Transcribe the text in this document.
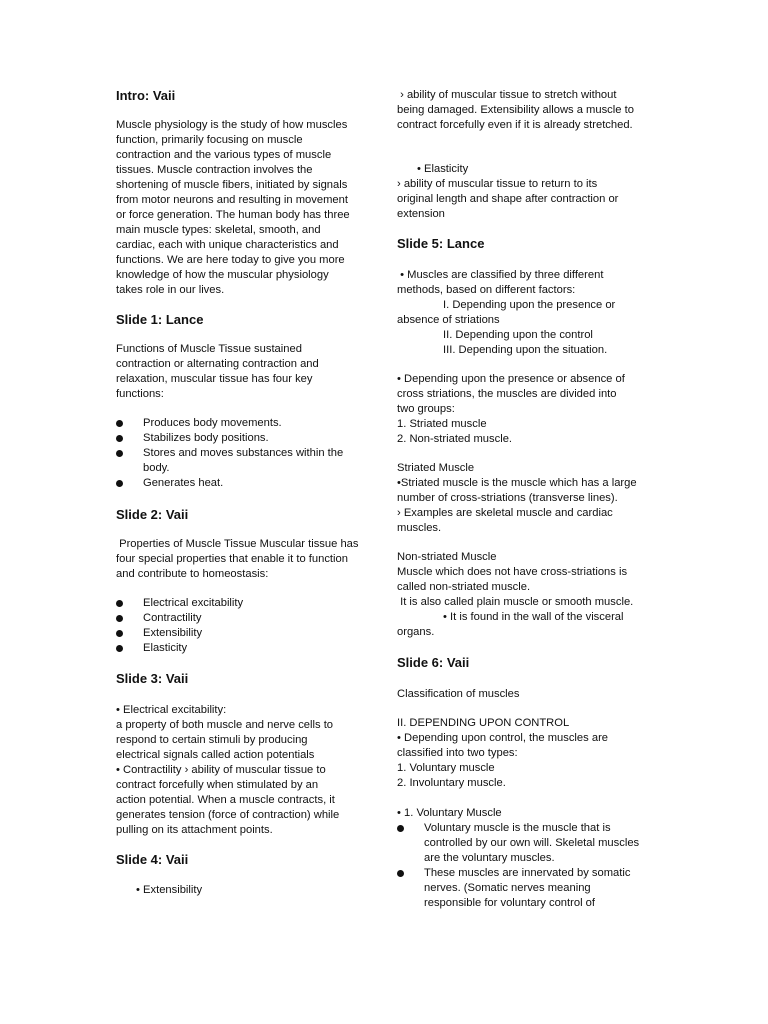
Intro: Vaii
Muscle physiology is the study of how muscles
function, primarily focusing on muscle
contraction and the various types of muscle
tissues. Muscle contraction involves the
shortening of muscle fibers, initiated by signals
from motor neurons and resulting in movement
or force generation. The human body has three
main muscle types: skeletal, smooth, and
cardiac, each with unique characteristics and
functions. We are here today to give you more
knowledge of how the muscular physiology
takes role in our lives.
Slide 1: Lance
Functions of Muscle Tissue sustained
contraction or alternating contraction and
relaxation, muscular tissue has four key
functions:
Produces body movements.
Stabilizes body positions.
Stores and moves substances within the body.
Generates heat.
Slide 2: Vaii
Properties of Muscle Tissue Muscular tissue has
four special properties that enable it to function
and contribute to homeostasis:
Electrical excitability
Contractility
Extensibility
Elasticity
Slide 3: Vaii
• Electrical excitability:
a property of both muscle and nerve cells to
respond to certain stimuli by producing
electrical signals called action potentials
• Contractility › ability of muscular tissue to
contract forcefully when stimulated by an
action potential. When a muscle contracts, it
generates tension (force of contraction) while
pulling on its attachment points.
Slide 4: Vaii
• Extensibility
› ability of muscular tissue to stretch without
being damaged. Extensibility allows a muscle to
contract forcefully even if it is already stretched.
• Elasticity
› ability of muscular tissue to return to its
original length and shape after contraction or
extension
Slide 5: Lance
• Muscles are classified by three different
methods, based on different factors:
I. Depending upon the presence or
absence of striations
II. Depending upon the control
III. Depending upon the situation.
• Depending upon the presence or absence of
cross striations, the muscles are divided into
two groups:
1. Striated muscle
2. Non-striated muscle.
Striated Muscle
•Striated muscle is the muscle which has a large
number of cross-striations (transverse lines).
› Examples are skeletal muscle and cardiac
muscles.
Non-striated Muscle
Muscle which does not have cross-striations is
called non-striated muscle.
It is also called plain muscle or smooth muscle.
• It is found in the wall of the visceral
organs.
Slide 6: Vaii
Classification of muscles
II. DEPENDING UPON CONTROL
• Depending upon control, the muscles are
classified into two types:
1. Voluntary muscle
2. Involuntary muscle.
• 1. Voluntary Muscle
Voluntary muscle is the muscle that is controlled by our own will. Skeletal muscles are the voluntary muscles.
These muscles are innervated by somatic nerves. (Somatic nerves meaning responsible for voluntary control of
